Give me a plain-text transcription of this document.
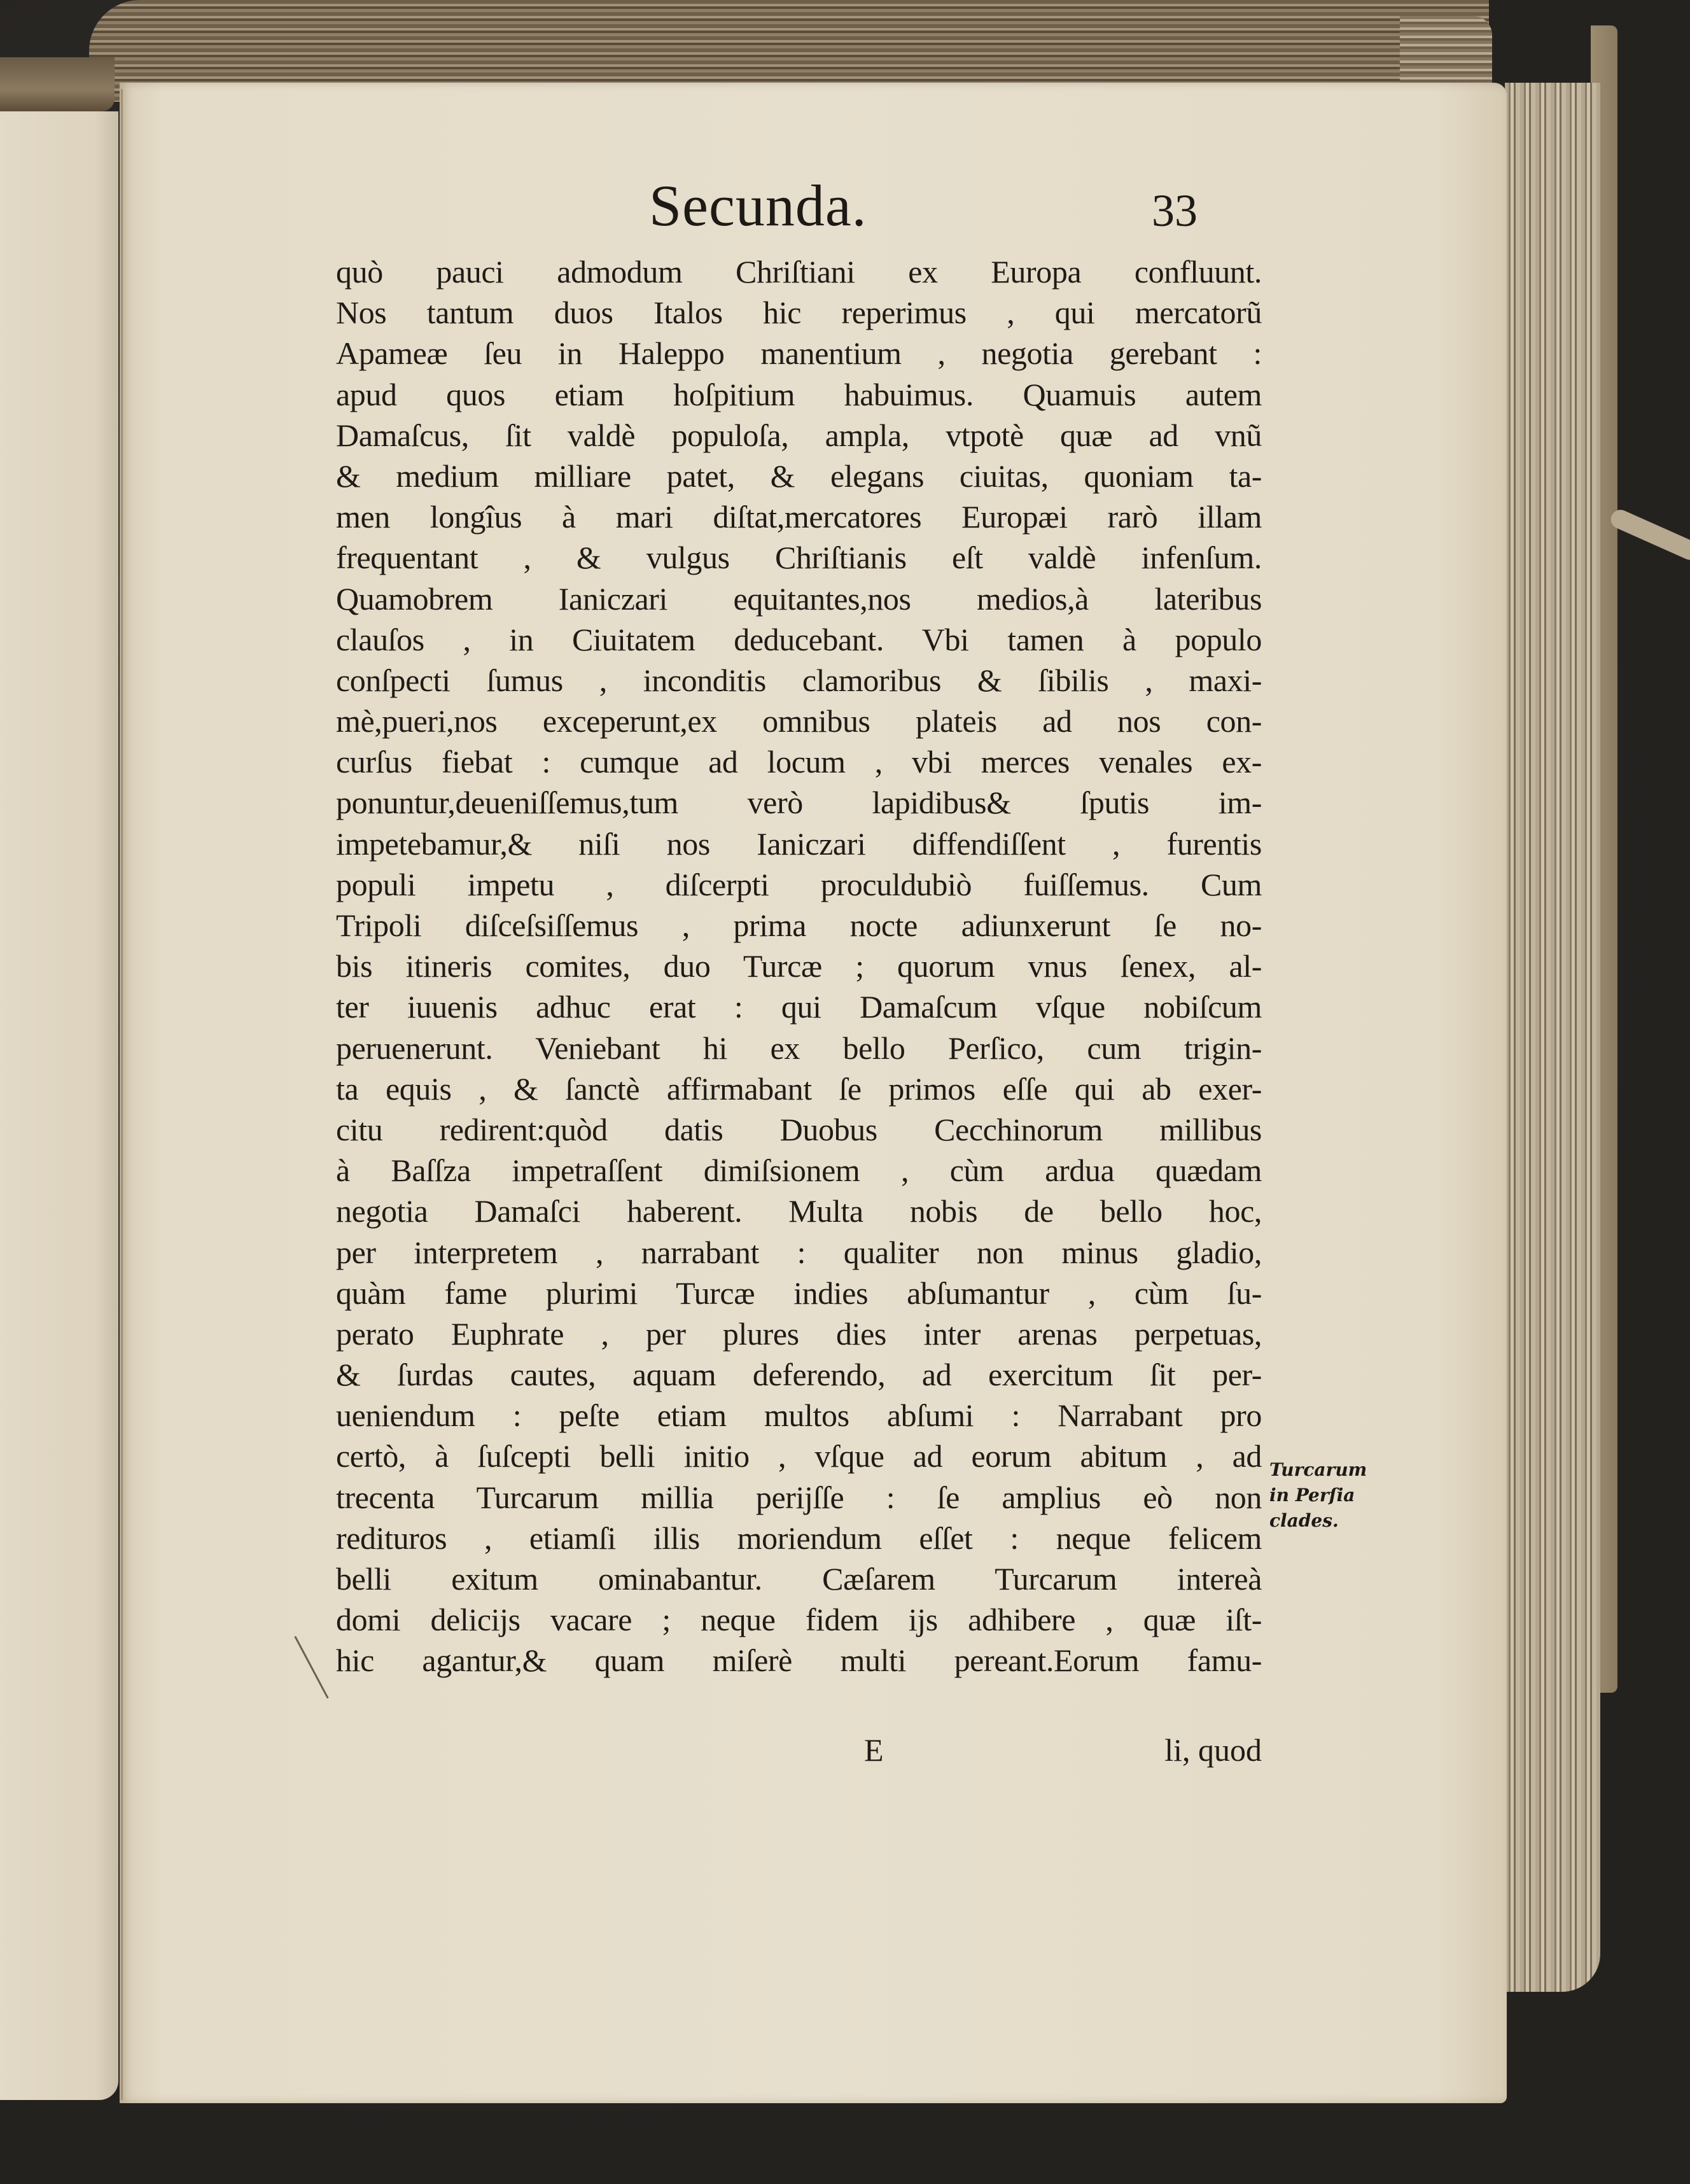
Secunda.	33
quò pauci admodum Chriſtiani ex Europa confluunt.
Nos tantum duos Italos hic reperimus , qui mercatorũ
Apameæ ſeu in Haleppo manentium , negotia gerebant :
apud quos etiam hoſpitium habuimus. Quamuis autem
Damaſcus, ſit valdè populoſa, ampla, vtpotè quæ ad vnũ
& medium milliare patet, & elegans ciuitas, quoniam ta-
men longîus à mari diſtat,mercatores Europæi rarò illam
frequentant , & vulgus Chriſtianis eſt valdè infenſum.
Quamobrem Ianiczari equitantes,nos medios,à lateribus
clauſos , in Ciuitatem deducebant. Vbi tamen à populo
conſpecti ſumus , inconditis clamoribus & ſibilis , maxi-
mè,pueri,nos exceperunt,ex omnibus plateis ad nos con-
curſus fiebat : cumque ad locum , vbi merces venales ex-
ponuntur,deueniſſemus,tum verò lapidibus& ſputis im-
impetebamur,& niſi nos Ianiczari diffendiſſent , furentis
populi impetu , diſcerpti proculdubiò fuiſſemus. Cum
Tripoli diſceſsiſſemus , prima nocte adiunxerunt ſe no-
bis itineris comites, duo Turcæ ; quorum vnus ſenex, al-
ter iuuenis adhuc erat : qui Damaſcum vſque nobiſcum
peruenerunt. Veniebant hi ex bello Perſico, cum trigin-
ta equis , & ſanctè affirmabant ſe primos eſſe qui ab exer-
citu redirent:quòd datis Duobus Cecchinorum millibus
à Baſſza impetraſſent dimiſsionem , cùm ardua quædam
negotia Damaſci haberent. Multa nobis de bello hoc,
per interpretem , narrabant : qualiter non minus gladio,
quàm fame plurimi Turcæ indies abſumantur , cùm ſu-
perato Euphrate , per plures dies inter arenas perpetuas,
& ſurdas cautes, aquam deferendo, ad exercitum ſit per-
ueniendum : peſte etiam multos abſumi : Narrabant pro
certò, à ſuſcepti belli initio , vſque ad eorum abitum , ad
trecenta Turcarum millia perijſſe : ſe amplius eò non
redituros , etiamſi illis moriendum eſſet : neque felicem
belli exitum ominabantur. Cæſarem Turcarum intereà
domi delicijs vacare ; neque fidem ijs adhibere , quæ iſt-
hic agantur,& quam miſerè multi pereant.Eorum famu-
E	li, quod
Turcarum
in Perſia
clades.
